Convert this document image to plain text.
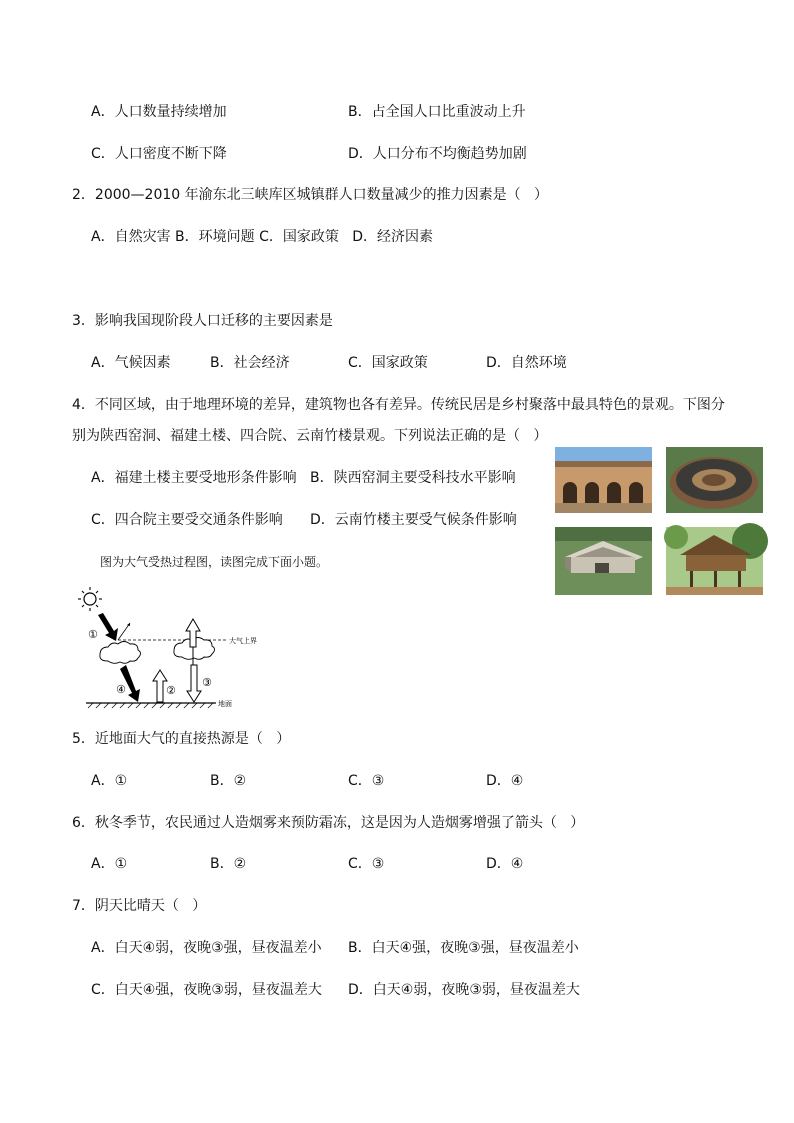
A．人口数量持续增加	B．占全国人口比重波动上升
C．人口密度不断下降	D．人口分布不均衡趋势加剧
2．2000—2010 年渝东北三峡库区城镇群人口数量减少的推力因素是（   ）
A．自然灾害 B．环境问题 C．国家政策   D．经济因素
3．影响我国现阶段人口迁移的主要因素是
A．气候因素	B．社会经济	C．国家政策	D．自然环境
4．不同区域，由于地理环境的差异，建筑物也各有差异。传统民居是乡村聚落中最具特色的景观。下图分
别为陕西窑洞、福建土楼、四合院、云南竹楼景观。下列说法正确的是（   ）
A．福建土楼主要受地形条件影响 B．陕西窑洞主要受科技水平影响
C．四合院主要受交通条件影响 D．云南竹楼主要受气候条件影响
图为大气受热过程图，读图完成下面小题。
大气上界
①
④	②
③
地面
5．近地面大气的直接热源是（   ）
A．①	B．②	C．③	D．④
6．秋冬季节，农民通过人造烟雾来预防霜冻，这是因为人造烟雾增强了箭头（   ）
A．①	B．②	C．③	D．④
7．阴天比晴天（   ）
A．白天④弱，夜晚③强，昼夜温差小 B．白天④强，夜晚③强，昼夜温差小
C．白天④强，夜晚③弱，昼夜温差大 D．白天④弱，夜晚③弱，昼夜温差大
